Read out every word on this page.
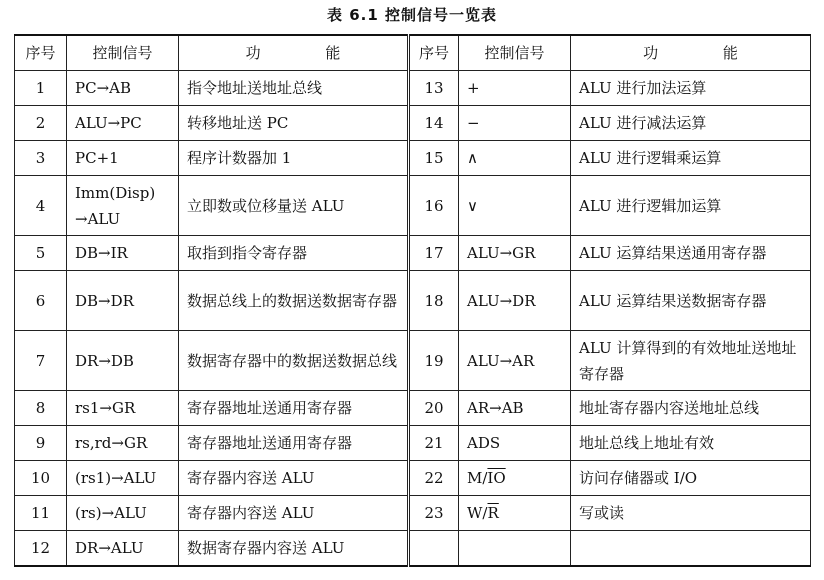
表 6.1 控制信号一览表
序号	控制信号	功 能	序号	控制信号	功 能
1	PC→AB	指令地址送地址总线	13	+	ALU 进行加法运算
2	ALU→PC	转移地址送 PC	14	−	ALU 进行减法运算
3	PC+1	程序计数器加 1	15	∧	ALU 进行逻辑乘运算
4	Imm(Disp) →ALU	立即数或位移量送 ALU	16	∨	ALU 进行逻辑加运算
5	DB→IR	取指到指令寄存器	17	ALU→GR	ALU 运算结果送通用寄存器
6	DB→DR	数据总线上的数据送数据寄存器	18	ALU→DR	ALU 运算结果送数据寄存器
7	DR→DB	数据寄存器中的数据送数据总线	19	ALU→AR	ALU 计算得到的有效地址送地址寄存器
8	rs1→GR	寄存器地址送通用寄存器	20	AR→AB	地址寄存器内容送地址总线
9	rs,rd→GR	寄存器地址送通用寄存器	21	ADS	地址总线上地址有效
10	(rs1)→ALU	寄存器内容送 ALU	22	$M/\overline{IO}$	访问存储器或 I/O
11	(rs)→ALU	寄存器内容送 ALU	23	$W/\overline{R}$	写或读
12	DR→ALU	数据寄存器内容送 ALU			
